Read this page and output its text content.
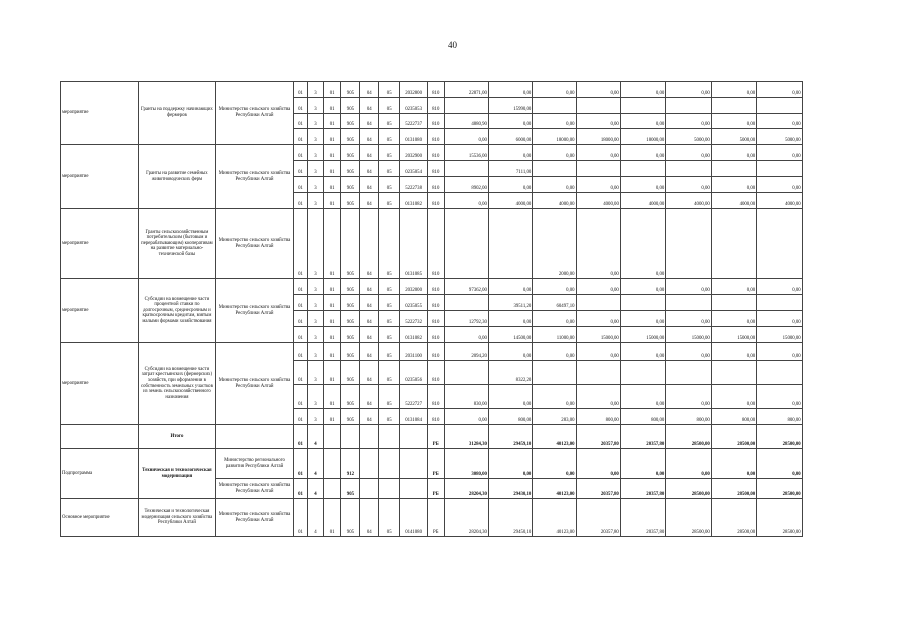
40
мероприятие	Гранты на поддержку начинающих фермеров	Министерство сельского хозяйства Республики Алтай	01	3	01	905	04	05	2032800	810	22871,00	0,00	0,00	0,00	0,00	0,00	0,00	0,00
			01	3	01	905	04	05	0235053	810		15990,00						
			01	3	01	905	04	05	5222737	810	4880,90	0,00	0,00	0,00	0,00	0,00	0,00	0,00
			01	3	01	905	04	05	0131080	810	0,00	6000,00	18000,00	18000,00	18000,00	5000,00	5000,00	5000,00
мероприятие	Гранты на развитие семейных животноводческих ферм	Министерство сельского хозяйства Республики Алтай	01	3	01	905	04	05	2032900	810	15536,00	0,00	0,00	0,00	0,00	0,00	0,00	0,00
			01	3	01	905	04	05	0235054	810		7111,00						
			01	3	01	905	04	05	5222738	810	8902,00	0,00	0,00	0,00	0,00	0,00	0,00	0,00
			01	3	01	905	04	05	0131082	810	0,00	4000,00	4000,00	4000,00	4000,00	4000,00	4000,00	4000,00
мероприятие	Гранты сельскохозяйственным потребительским (бытовым и перерабатывающим) кооперативам на развитие материально-технической базы	Министерство сельского хозяйства Республики Алтай	01	3	01	905	04	05	0131085	810			2000,00	0,00	0,00			
мероприятие	Субсидии на возмещение части процентной ставки по долгосрочным, среднесрочным и краткосрочным кредитам, взятым малыми формами хозяйствования	Министерство сельского хозяйства Республики Алтай	01	3	01	905	04	05	2032000	810	97362,00	0,00	0,00	0,00	0,00	0,00	0,00	0,00
			01	3	01	905	04	05	0235055	810		39511,20	60497,10					
			01	3	01	905	04	05	5222732	810	12792,30	0,00	0,00	0,00	0,00	0,00	0,00	0,00
			01	3	01	905	04	05	0131082	810	0,00	14500,00	11000,00	15000,00	15000,00	15000,00	15000,00	15000,00
мероприятие	Субсидии на возмещение части затрат крестьянских (фермерских) хозяйств, при оформлении в собственность земельных участков из земель сельскохозяйственного назначения	Министерство сельского хозяйства Республики Алтай	01	3	01	905	04	05	2031100	810	2094,20	0,00	0,00	0,00	0,00	0,00	0,00	0,00
			01	3	01	905	04	05	0235056	810		8322,20						
			01	3	01	905	04	05	5222727	810	830,00	0,00	0,00	0,00	0,00	0,00	0,00	0,00
			01	3	01	905	04	05	0131084	810	0,00	800,00	283,00	800,00	800,00	800,00	800,00	800,00
	Итого		01	4						РБ	31284,30	29459,10	40123,00	20357,80	20357,80	28500,00	28500,00	28500,00
Подпрограмма	Техническая и технологическая модернизация	Министерство регионального развития Республики Алтай	01	4		912				РБ	3080,00	0,00	0,00	0,00	0,00	0,00	0,00	0,00
		Министерство сельского хозяйства Республики Алтай	01	4		905				РБ	28204,30	29430,10	40123,00	20357,80	20357,80	28500,00	28500,00	28500,00
Основное мероприятие	Техническая и технологическая модернизация сельского хозяйства Республики Алтай	Министерство сельского хозяйства Республики Алтай	01	4	01	905	04	05	0141080	РБ	28204,30	29450,10	40123,00	20357,80	20357,80	28500,00	28500,00	28500,00
